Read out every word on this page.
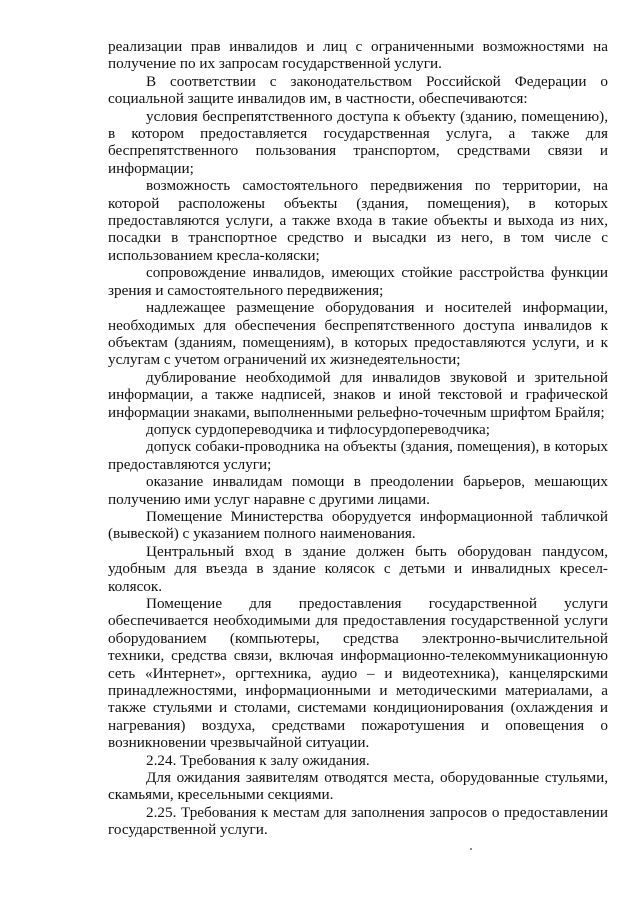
реализации прав инвалидов и лиц с ограниченными возможностями на получение по их запросам государственной услуги.

В соответствии с законодательством Российской Федерации о социальной защите инвалидов им, в частности, обеспечиваются:

условия беспрепятственного доступа к объекту (зданию, помещению), в котором предоставляется государственная услуга, а также для беспрепятственного пользования транспортом, средствами связи и информации;

возможность самостоятельного передвижения по территории, на которой расположены объекты (здания, помещения), в которых предоставляются услуги, а также входа в такие объекты и выхода из них, посадки в транспортное средство и высадки из него, в том числе с использованием кресла-коляски;

сопровождение инвалидов, имеющих стойкие расстройства функции зрения и самостоятельного передвижения;

надлежащее размещение оборудования и носителей информации, необходимых для обеспечения беспрепятственного доступа инвалидов к объектам (зданиям, помещениям), в которых предоставляются услуги, и к услугам с учетом ограничений их жизнедеятельности;

дублирование необходимой для инвалидов звуковой и зрительной информации, а также надписей, знаков и иной текстовой и графической информации знаками, выполненными рельефно-точечным шрифтом Брайля;

допуск сурдопереводчика и тифлосурдопереводчика;

допуск собаки-проводника на объекты (здания, помещения), в которых предоставляются услуги;

оказание инвалидам помощи в преодолении барьеров, мешающих получению ими услуг наравне с другими лицами.

Помещение Министерства оборудуется информационной табличкой (вывеской) с указанием полного наименования.

Центральный вход в здание должен быть оборудован пандусом, удобным для въезда в здание колясок с детьми и инвалидных кресел-колясок.

Помещение для предоставления государственной услуги обеспечивается необходимыми для предоставления государственной услуги оборудованием (компьютеры, средства электронно-вычислительной техники, средства связи, включая информационно-телекоммуникационную сеть «Интернет», оргтехника, аудио – и видеотехника), канцелярскими принадлежностями, информационными и методическими материалами, а также стульями и столами, системами кондиционирования (охлаждения и нагревания) воздуха, средствами пожаротушения и оповещения о возникновении чрезвычайной ситуации.

2.24. Требования к залу ожидания.

Для ожидания заявителям отводятся места, оборудованные стульями, скамьями, кресельными секциями.

2.25. Требования к местам для заполнения запросов о предоставлении государственной услуги.
